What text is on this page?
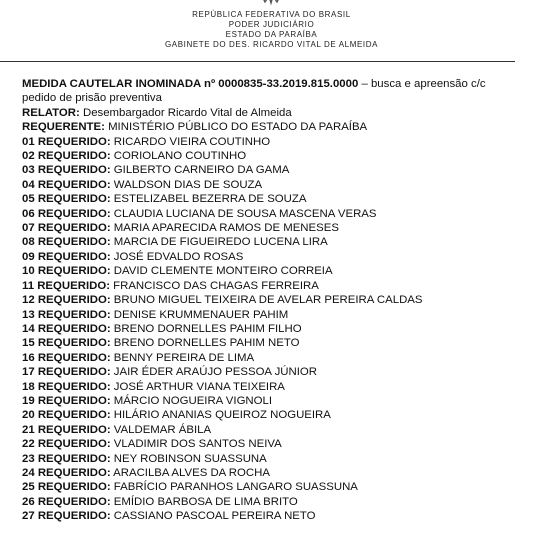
REPÚBLICA FEDERATIVA DO BRASIL
PODER JUDICIÁRIO
ESTADO DA PARAÍBA
GABINETE DO DES. RICARDO VITAL DE ALMEIDA
MEDIDA CAUTELAR INOMINADA nº 0000835-33.2019.815.0000 – busca e apreensão c/c pedido de prisão preventiva
RELATOR: Desembargador Ricardo Vital de Almeida
REQUERENTE: MINISTÉRIO PÚBLICO DO ESTADO DA PARAÍBA
01 REQUERIDO: RICARDO VIEIRA COUTINHO
02 REQUERIDO: CORIOLANO COUTINHO
03 REQUERIDO: GILBERTO CARNEIRO DA GAMA
04 REQUERIDO: WALDSON DIAS DE SOUZA
05 REQUERIDO: ESTELIZABEL BEZERRA DE SOUZA
06 REQUERIDO: CLAUDIA LUCIANA DE SOUSA MASCENA VERAS
07 REQUERIDO: MARIA APARECIDA RAMOS DE MENESES
08 REQUERIDO: MARCIA DE FIGUEIREDO LUCENA LIRA
09 REQUERIDO: JOSÉ EDVALDO ROSAS
10 REQUERIDO: DAVID CLEMENTE MONTEIRO CORREIA
11 REQUERIDO: FRANCISCO DAS CHAGAS FERREIRA
12 REQUERIDO: BRUNO MIGUEL TEIXEIRA DE AVELAR PEREIRA CALDAS
13 REQUERIDO: DENISE KRUMMENAUER PAHIM
14 REQUERIDO: BRENO DORNELLES PAHIM FILHO
15 REQUERIDO: BRENO DORNELLES PAHIM NETO
16 REQUERIDO: BENNY PEREIRA DE LIMA
17 REQUERIDO: JAIR ÉDER ARAÚJO PESSOA JÚNIOR
18 REQUERIDO: JOSÉ ARTHUR VIANA TEIXEIRA
19 REQUERIDO: MÁRCIO NOGUEIRA VIGNOLI
20 REQUERIDO: HILÁRIO ANANIAS QUEIROZ NOGUEIRA
21 REQUERIDO: VALDEMAR ÁBILA
22 REQUERIDO: VLADIMIR DOS SANTOS NEIVA
23 REQUERIDO: NEY ROBINSON SUASSUNA
24 REQUERIDO: ARACILBA ALVES DA ROCHA
25 REQUERIDO: FABRÍCIO PARANHOS LANGARO SUASSUNA
26 REQUERIDO: EMÍDIO BARBOSA DE LIMA BRITO
27 REQUERIDO: CASSIANO PASCOAL PEREIRA NETO
